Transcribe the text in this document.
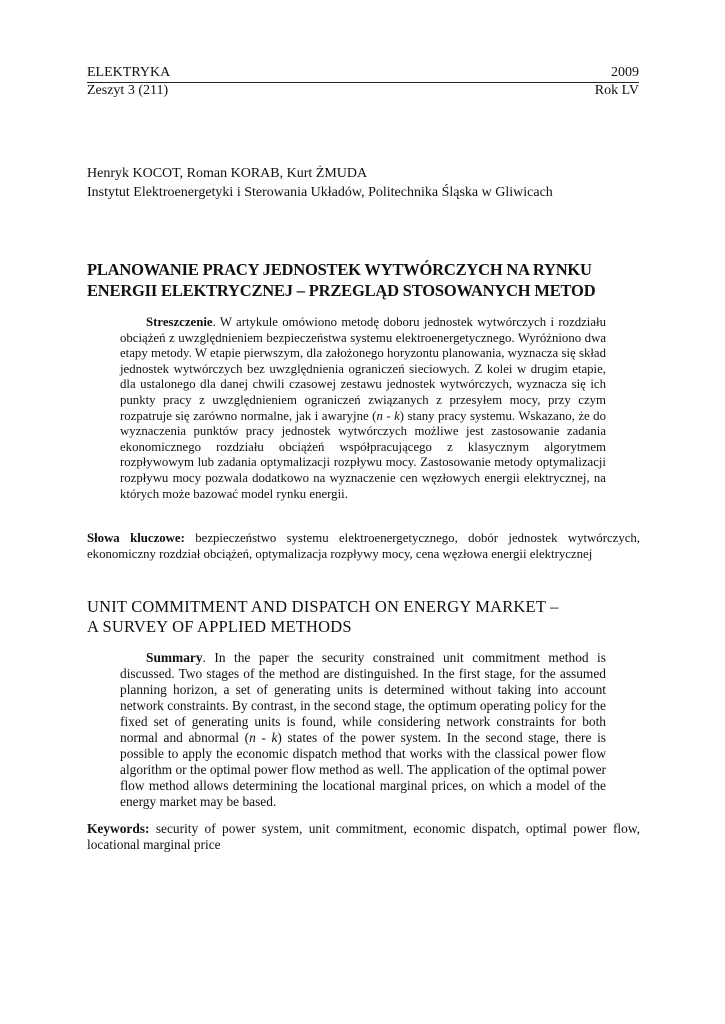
ELEKTRYKA	2009
Zeszyt 3 (211)	Rok LV
Henryk KOCOT, Roman KORAB, Kurt ŻMUDA
Instytut Elektroenergetyki i Sterowania Układów, Politechnika Śląska w Gliwicach
PLANOWANIE PRACY JEDNOSTEK WYTWÓRCZYCH NA RYNKU
ENERGII ELEKTRYCZNEJ – PRZEGLĄD STOSOWANYCH METOD

Streszczenie. W artykule omówiono metodę doboru jednostek wytwórczych i rozdziału obciążeń z uwzględnieniem bezpieczeństwa systemu elektroenergetycznego. Wyróżniono dwa etapy metody. W etapie pierwszym, dla założonego horyzontu planowania, wyznacza się skład jednostek wytwórczych bez uwzględnienia ograniczeń sieciowych. Z kolei w drugim etapie, dla ustalonego dla danej chwili czasowej zestawu jednostek wytwórczych, wyznacza się ich punkty pracy z uwzględnieniem ograniczeń związanych z przesyłem mocy, przy czym rozpatruje się zarówno normalne, jak i awaryjne (n - k) stany pracy systemu. Wskazano, że do wyznaczenia punktów pracy jednostek wytwórczych możliwe jest zastosowanie zadania ekonomicznego rozdziału obciążeń współpracującego z klasycznym algorytmem rozpływowym lub zadania optymalizacji rozpływu mocy. Zastosowanie metody optymalizacji rozpływu mocy pozwala dodatkowo na wyznaczenie cen węzłowych energii elektrycznej, na których może bazować model rynku energii.

Słowa kluczowe: bezpieczeństwo systemu elektroenergetycznego, dobór jednostek wytwórczych, ekonomiczny rozdział obciążeń, optymalizacja rozpływy mocy, cena węzłowa energii elektrycznej

UNIT COMMITMENT AND DISPATCH ON ENERGY MARKET –
A SURVEY OF APPLIED METHODS

Summary. In the paper the security constrained unit commitment method is discussed. Two stages of the method are distinguished. In the first stage, for the assumed planning horizon, a set of generating units is determined without taking into account network constraints. By contrast, in the second stage, the optimum operating policy for the fixed set of generating units is found, while considering network constraints for both normal and abnormal (n - k) states of the power system. In the second stage, there is possible to apply the economic dispatch method that works with the classical power flow algorithm or the optimal power flow method as well. The application of the optimal power flow method allows determining the locational marginal prices, on which a model of the energy market may be based.

Keywords: security of power system, unit commitment, economic dispatch, optimal power flow, locational marginal price
